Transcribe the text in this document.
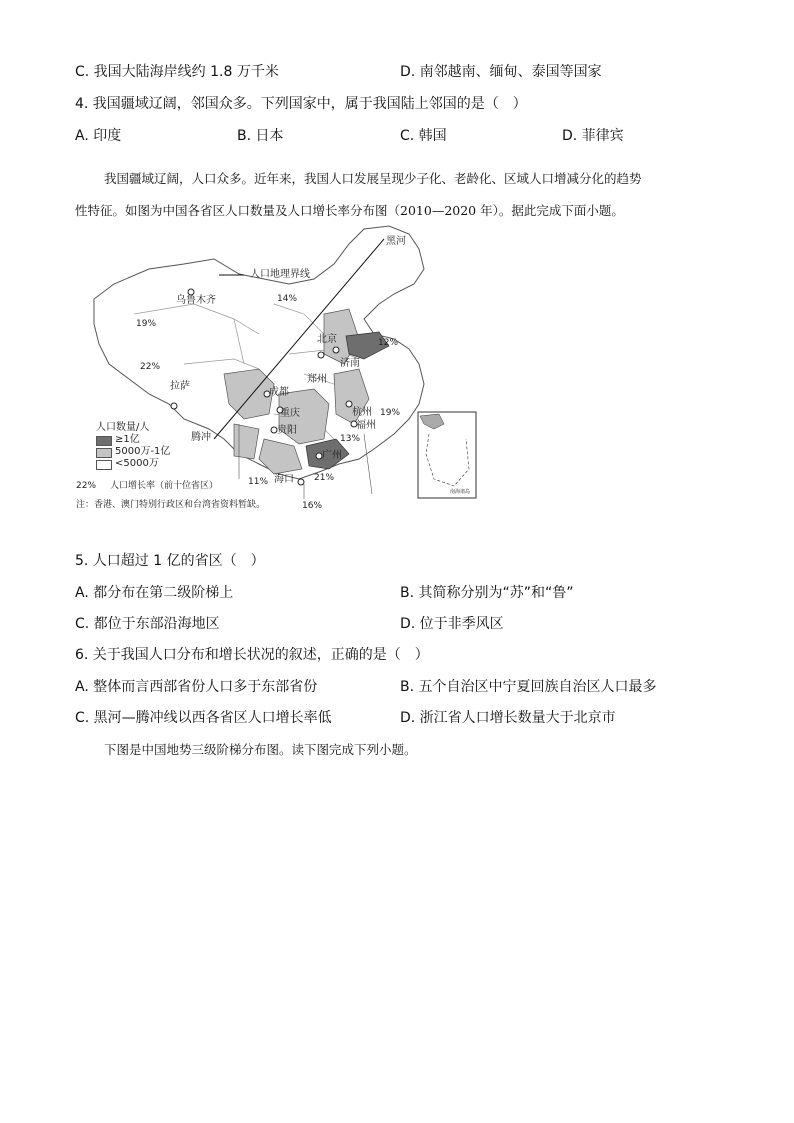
C. 我国大陆海岸线约 1.8 万千米	D. 南邻越南、缅甸、泰国等国家
4. 我国疆域辽阔，邻国众多。下列国家中，属于我国陆上邻国的是（　）
A. 印度	B. 日本	C. 韩国	D. 菲律宾
我国疆域辽阔，人口众多。近年来，我国人口发展呈现少子化、老龄化、区域人口增减分化的趋势
性特征。如图为中国各省区人口数量及人口增长率分布图（2010—2020 年）。据此完成下面小题。
人口地理界线
黑河
乌鲁木齐
北京
济南
郑州
成都
重庆
贵阳
杭州
福州
广州
海口
拉萨
腾冲
14%
19%
22%
12%
19%
13%
11%	21%
16%
人口数量/人
≥1亿
5000万-1亿
<5000万
22% 人口增长率（前十位省区）
注：香港、澳门特别行政区和台湾省资料暂缺。
南海诸岛
5. 人口超过 1 亿的省区（　）
A. 都分布在第二级阶梯上	B. 其简称分别为“苏”和“鲁”
C. 都位于东部沿海地区	D. 位于非季风区
6. 关于我国人口分布和增长状况的叙述，正确的是（　）
A. 整体而言西部省份人口多于东部省份	B. 五个自治区中宁夏回族自治区人口最多
C. 黑河—腾冲线以西各省区人口增长率低	D. 浙江省人口增长数量大于北京市
下图是中国地势三级阶梯分布图。读下图完成下列小题。
